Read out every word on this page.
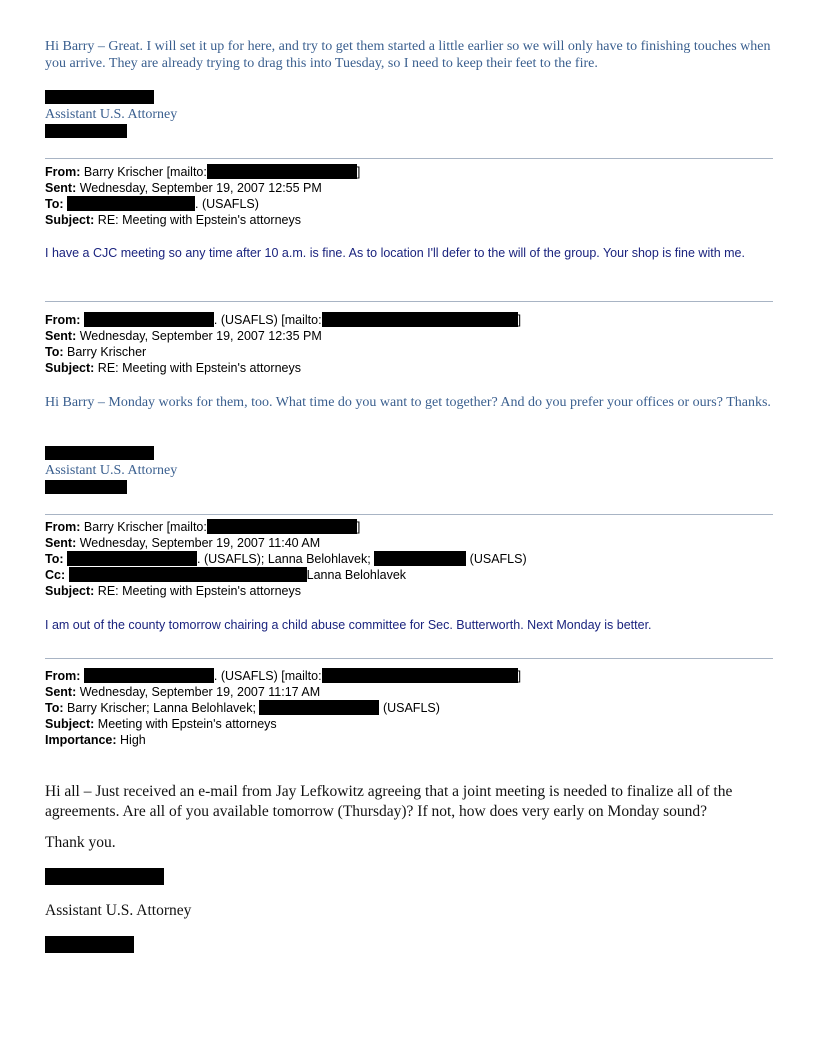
Hi Barry – Great. I will set it up for here, and try to get them started a little earlier so we will only have to finishing touches when you arrive. They are already trying to drag this into Tuesday, so I need to keep their feet to the fire.

Assistant U.S. Attorney
From: Barry Krischer [mailto:	]
Sent: Wednesday, September 19, 2007 12:55 PM
To:	. (USAFLS)
Subject: RE: Meeting with Epstein's attorneys

I have a CJC meeting so any time after 10 a.m. is fine. As to location I'll defer to the will of the group. Your shop is fine with me.

From:	. (USAFLS) [mailto:	]
Sent: Wednesday, September 19, 2007 12:35 PM
To: Barry Krischer
Subject: RE: Meeting with Epstein's attorneys

Hi Barry – Monday works for them, too. What time do you want to get together? And do you prefer your offices or ours? Thanks.

Assistant U.S. Attorney
From: Barry Krischer [mailto:	]
Sent: Wednesday, September 19, 2007 11:40 AM
To:	. (USAFLS); Lanna Belohlavek;	(USAFLS)
Cc:	Lanna Belohlavek
Subject: RE: Meeting with Epstein's attorneys

I am out of the county tomorrow chairing a child abuse committee for Sec. Butterworth. Next Monday is better.

From:	. (USAFLS) [mailto:	]
Sent: Wednesday, September 19, 2007 11:17 AM
To: Barry Krischer; Lanna Belohlavek;	(USAFLS)
Subject: Meeting with Epstein's attorneys
Importance: High

Hi all – Just received an e-mail from Jay Lefkowitz agreeing that a joint meeting is needed to finalize all of the agreements. Are all of you available tomorrow (Thursday)? If not, how does very early on Monday sound?

Thank you.
Assistant U.S. Attorney
